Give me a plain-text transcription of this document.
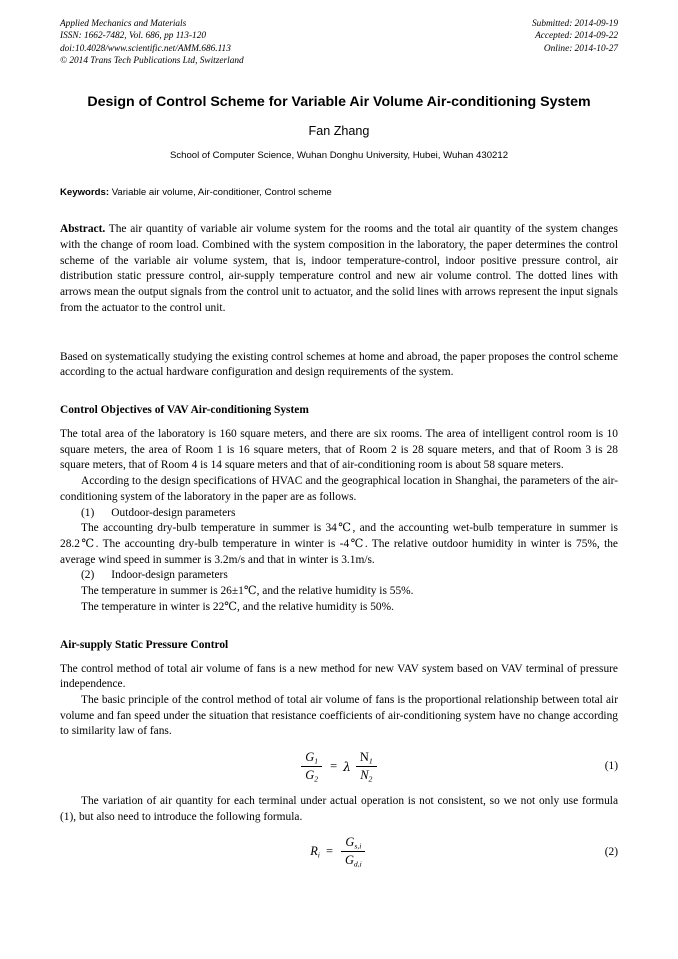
Applied Mechanics and Materials
ISSN: 1662-7482, Vol. 686, pp 113-120
doi:10.4028/www.scientific.net/AMM.686.113
© 2014 Trans Tech Publications Ltd, Switzerland
Submitted: 2014-09-19
Accepted: 2014-09-22
Online: 2014-10-27
Design of Control Scheme for Variable Air Volume Air-conditioning System
Fan Zhang
School of Computer Science, Wuhan Donghu University, Hubei, Wuhan 430212
Keywords: Variable air volume, Air-conditioner, Control scheme

Abstract. The air quantity of variable air volume system for the rooms and the total air quantity of the system changes with the change of room load. Combined with the system composition in the laboratory, the paper determines the control scheme of the variable air volume system, that is, indoor temperature-control, indoor positive pressure control, air distribution static pressure control, air-supply temperature control and new air volume control. The dotted lines with arrows mean the output signals from the control unit to actuator, and the solid lines with arrows represent the input signals from the actuator to the control unit.

Based on systematically studying the existing control schemes at home and abroad, the paper proposes the control scheme according to the actual hardware configuration and design requirements of the system.

Control Objectives of VAV Air-conditioning System

The total area of the laboratory is 160 square meters, and there are six rooms. The area of intelligent control room is 10 square meters, the area of Room 1 is 16 square meters, that of Room 2 is 28 square meters, and that of Room 3 is 28 square meters, that of Room 4 is 14 square meters and that of air-conditioning room is about 58 square meters.

According to the design specifications of HVAC and the geographical location in Shanghai, the parameters of the air-conditioning system of the laboratory in the paper are as follows.

(1) Outdoor-design parameters

The accounting dry-bulb temperature in summer is 34℃, and the accounting wet-bulb temperature in summer is 28.2℃. The accounting dry-bulb temperature in winter is -4℃. The relative outdoor humidity in winter is 75%, the average wind speed in summer is 3.2m/s and that in winter is 3.1m/s.

(2) Indoor-design parameters

The temperature in summer is 26±1℃, and the relative humidity is 55%.

The temperature in winter is 22℃, and the relative humidity is 50%.

Air-supply Static Pressure Control

The control method of total air volume of fans is a new method for new VAV system based on VAV terminal of pressure independence.

The basic principle of the control method of total air volume of fans is the proportional relationship between total air volume and fan speed under the situation that resistance coefficients of air-conditioning system have no change according to similarity law of fans.

$\frac{G_1}{G_2} = \lambda \frac{N_1}{N_2}$	(1)

The variation of air quantity for each terminal under actual operation is not consistent, so we not only use formula (1), but also need to introduce the following formula.

$R_i = \frac{G_{s,i}}{G_{d,i}}$	(2)
